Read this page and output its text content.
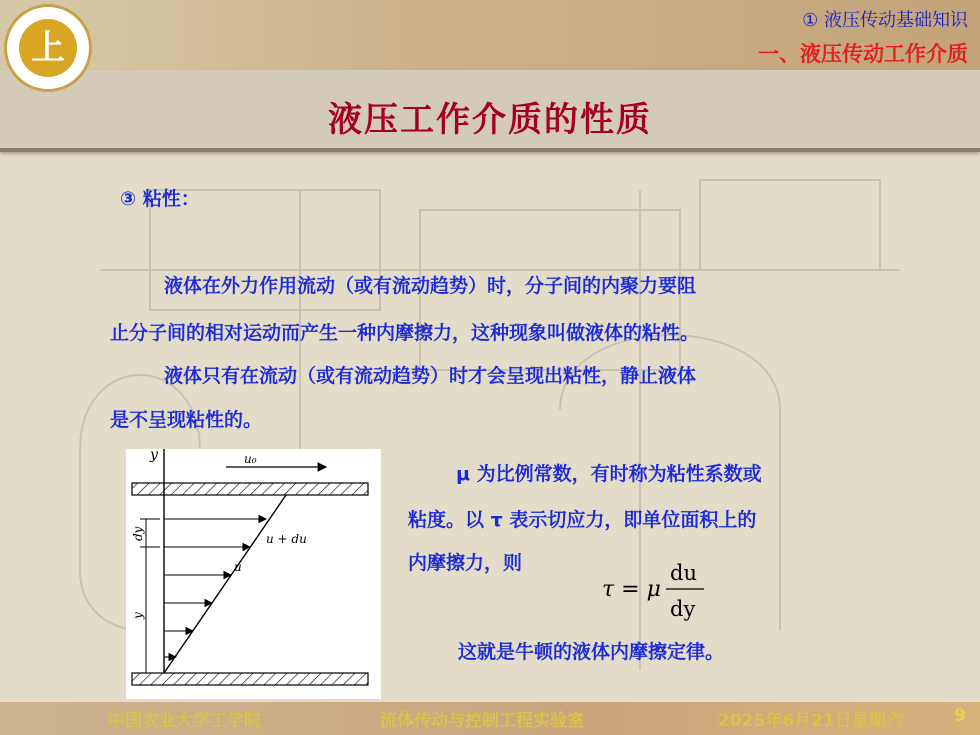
上
① 液压传动基础知识
一、液压传动工作介质
液压工作介质的性质
③ 粘性：
液体在外力作用流动（或有流动趋势）时，分子间的内聚力要阻
止分子间的相对运动而产生一种内摩擦力，这种现象叫做液体的粘性。
液体只有在流动（或有流动趋势）时才会呈现出粘性，静止液体
是不呈现粘性的。
y	u₀
u + du
u
dy
y
μ 为比例常数，有时称为粘性系数或
粘度。以 τ 表示切应力，即单位面积上的
内摩擦力，则
τ = μ
du
dy
这就是牛顿的液体内摩擦定律。
中国农业大学工学院	流体传动与控制工程实验室	2025年6月21日星期六	9
